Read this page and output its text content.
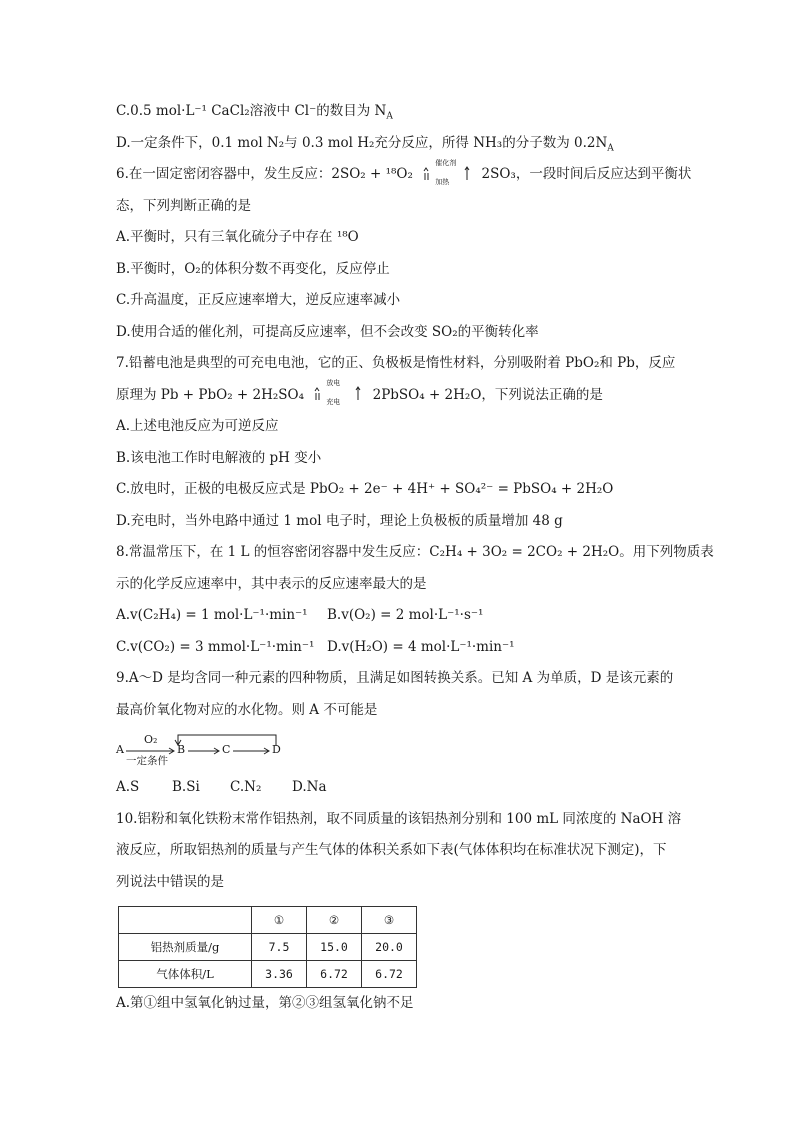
C.0.5 mol·L⁻¹ CaCl₂溶液中 Cl⁻的数目为 $N_A$
D.一定条件下，0.1 mol N₂与 0.3 mol H₂充分反应，所得 NH₃的分子数为 $0.2N_A$
6.在一固定密闭容器中，发生反应：2SO₂ + ¹⁸O₂
催化剂
加热 2SO₃，一段时间后反应达到平衡状
态，下列判断正确的是
A.平衡时，只有三氧化硫分子中存在 ¹⁸O
B.平衡时，O₂的体积分数不再变化，反应停止
C.升高温度，正反应速率增大，逆反应速率减小
D.使用合适的催化剂，可提高反应速率，但不会改变 SO₂的平衡转化率
7.铅蓄电池是典型的可充电电池，它的正、负极板是惰性材料，分别吸附着 PbO₂和 Pb，反应
原理为 Pb + PbO₂ + 2H₂SO₄
放电
充电 2PbSO₄ + 2H₂O，下列说法正确的是
A.上述电池反应为可逆反应
B.该电池工作时电解液的 pH 变小
C.放电时，正极的电极反应式是 PbO₂ + 2e⁻ + 4H⁺ + SO₄²⁻ = PbSO₄ + 2H₂O
D.充电时，当外电路中通过 1 mol 电子时，理论上负极板的质量增加 48 g
8.常温常压下，在 1 L 的恒容密闭容器中发生反应：C₂H₄ + 3O₂ = 2CO₂ + 2H₂O。用下列物质表
示的化学反应速率中，其中表示的反应速率最大的是
A.v(C₂H₄) = 1 mol·L⁻¹·min⁻¹	B.v(O₂) = 2 mol·L⁻¹·s⁻¹
C.v(CO₂) = 3 mmol·L⁻¹·min⁻¹ D.v(H₂O) = 4 mol·L⁻¹·min⁻¹
9.A～D 是均含同一种元素的四种物质，且满足如图转换关系。已知 A 为单质，D 是该元素的
最高价氧化物对应的水化物。则 A 不可能是
A
O₂
一定条件
B	C	D
A.S	B.Si	C.N₂	D.Na
10.铝粉和氧化铁粉末常作铝热剂，取不同质量的该铝热剂分别和 100 mL 同浓度的 NaOH 溶
液反应，所取铝热剂的质量与产生气体的体积关系如下表(气体体积均在标准状况下测定)，下
列说法中错误的是
	①	②	③
铝热剂质量/g	7.5	15.0	20.0
气体体积/L	3.36	6.72	6.72
A.第①组中氢氧化钠过量，第②③组氢氧化钠不足
